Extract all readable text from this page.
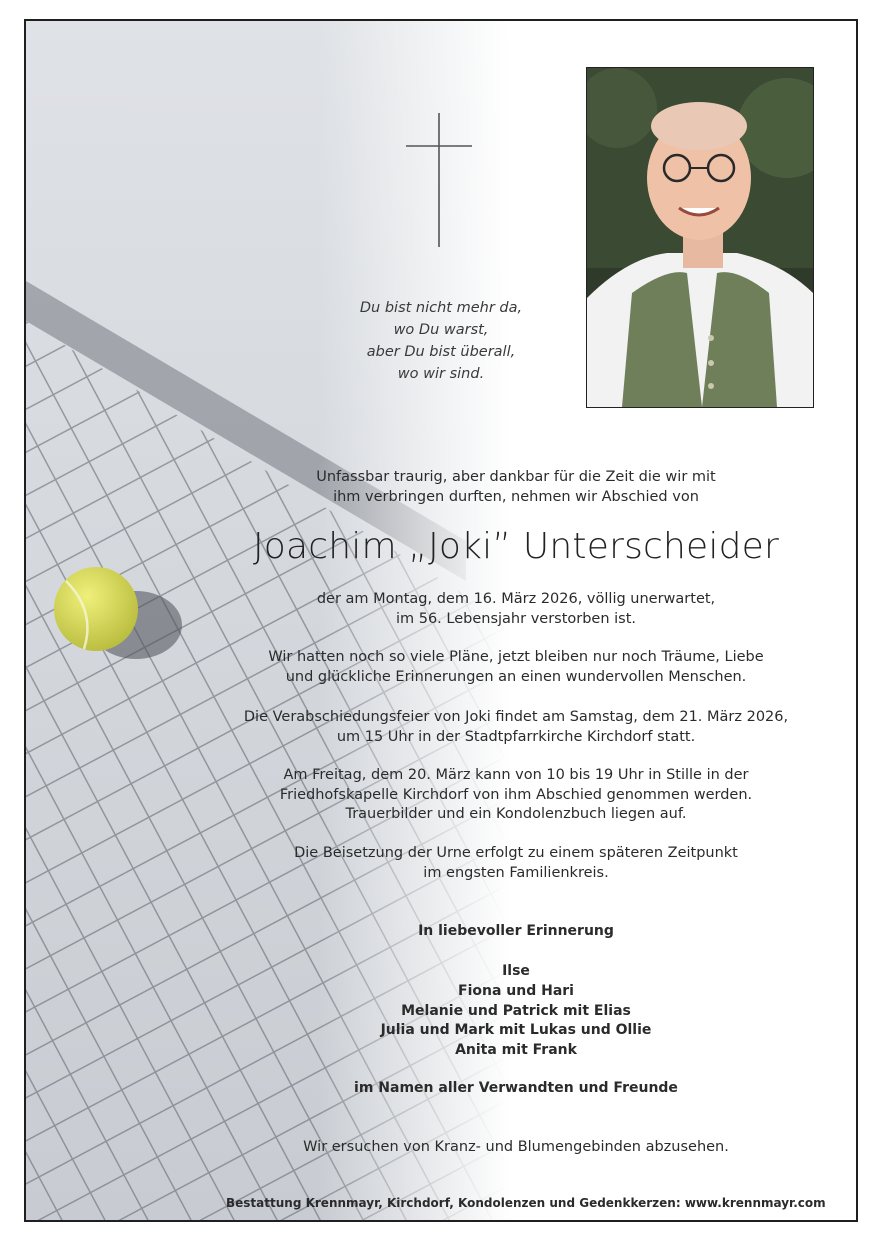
Du bist nicht mehr da,
wo Du warst,
aber Du bist überall,
wo wir sind.
Unfassbar traurig, aber dankbar für die Zeit die wir mit
ihm verbringen durften, nehmen wir Abschied von
Joachim „Joki” Unterscheider
der am Montag, dem 16. März 2026, völlig unerwartet,
im 56. Lebensjahr verstorben ist.
Wir hatten noch so viele Pläne, jetzt bleiben nur noch Träume, Liebe
und glückliche Erinnerungen an einen wundervollen Menschen.
Die Verabschiedungsfeier von Joki findet am Samstag, dem 21. März 2026,
um 15 Uhr in der Stadtpfarrkirche Kirchdorf statt.
Am Freitag, dem 20. März kann von 10 bis 19 Uhr in Stille in der
Friedhofskapelle Kirchdorf von ihm Abschied genommen werden.
Trauerbilder und ein Kondolenzbuch liegen auf.
Die Beisetzung der Urne erfolgt zu einem späteren Zeitpunkt
im engsten Familienkreis.
In liebevoller Erinnerung
Ilse
Fiona und Hari
Melanie und Patrick mit Elias
Julia und Mark mit Lukas und Ollie
Anita mit Frank
im Namen aller Verwandten und Freunde
Wir ersuchen von Kranz- und Blumengebinden abzusehen.
Bestattung Krennmayr, Kirchdorf, Kondolenzen und Gedenkkerzen: www.krennmayr.com
